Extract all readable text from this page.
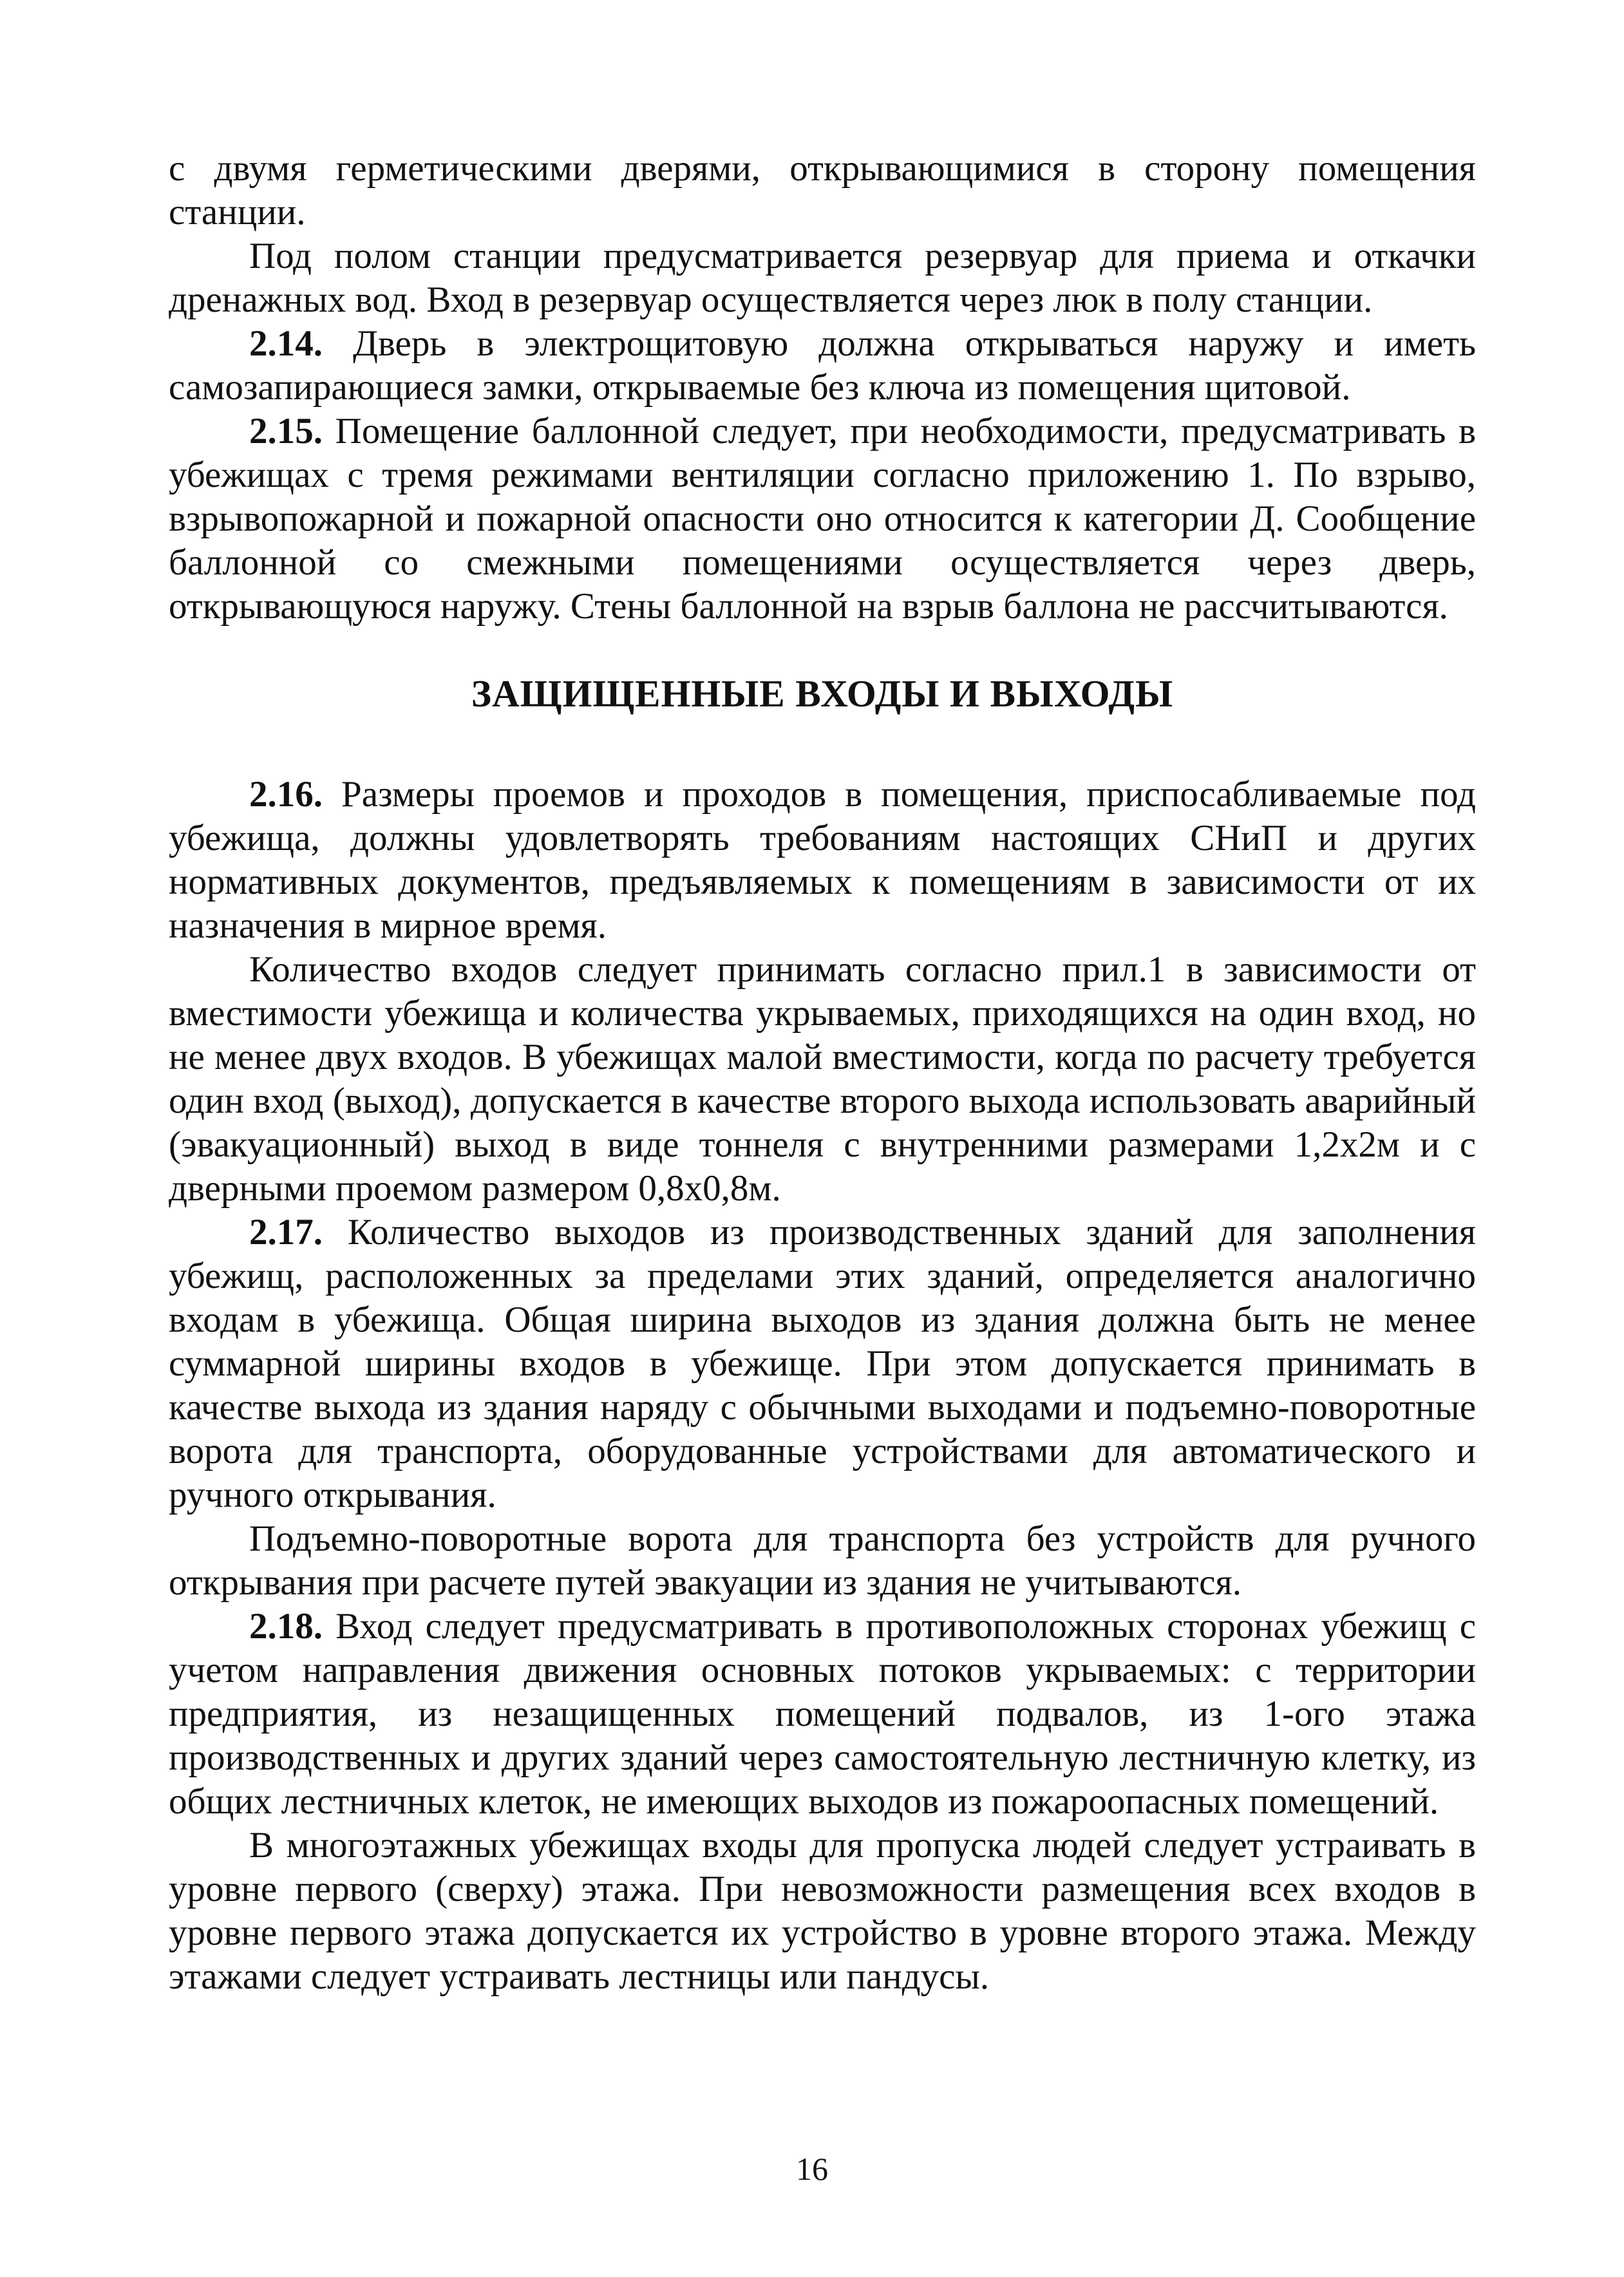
с двумя герметическими дверями, открывающимися в сторону помещения станции.

Под полом станции предусматривается резервуар для приема и откачки дренажных вод. Вход в резервуар осуществляется через люк в полу станции.

2.14. Дверь в электрощитовую должна открываться наружу и иметь самозапирающиеся замки, открываемые без ключа из помещения щитовой.

2.15. Помещение баллонной следует, при необходимости, предусматривать в убежищах с тремя режимами вентиляции согласно приложению 1. По взрыво, взрывопожарной и пожарной опасности оно относится к категории Д. Сообщение баллонной со смежными помещениями осуществляется через дверь, открывающуюся наружу. Стены баллонной на взрыв баллона не рассчитываются.

ЗАЩИЩЕННЫЕ ВХОДЫ И ВЫХОДЫ

2.16. Размеры проемов и проходов в помещения, приспосабливаемые под убежища, должны удовлетворять требованиям настоящих СНиП и других нормативных документов, предъявляемых к помещениям в зависимости от их назначения в мирное время.

Количество входов следует принимать согласно прил.1 в зависимости от вместимости убежища и количества укрываемых, приходящихся на один вход, но не менее двух входов. В убежищах малой вместимости, когда по расчету требуется один вход (выход), допускается в качестве второго выхода использовать аварийный (эвакуационный) выход в виде тоннеля с внутренними размерами 1,2х2м и с дверными проемом размером 0,8х0,8м.

2.17. Количество выходов из производственных зданий для заполнения убежищ, расположенных за пределами этих зданий, определяется аналогично входам в убежища. Общая ширина выходов из здания должна быть не менее суммарной ширины входов в убежище. При этом допускается принимать в качестве выхода из здания наряду с обычными выходами и подъемно-поворотные ворота для транспорта, оборудованные устройствами для автоматического и ручного открывания.

Подъемно-поворотные ворота для транспорта без устройств для ручного открывания при расчете путей эвакуации из здания не учитываются.

2.18. Вход следует предусматривать в противоположных сторонах убежищ с учетом направления движения основных потоков укрываемых: с территории предприятия, из незащищенных помещений подвалов, из 1-ого этажа производственных и других зданий через самостоятельную лестничную клетку, из общих лестничных клеток, не имеющих выходов из пожароопасных помещений.

В многоэтажных убежищах входы для пропуска людей следует устраивать в уровне первого (сверху) этажа. При невозможности размещения всех входов в уровне первого этажа допускается их устройство в уровне второго этажа. Между этажами следует устраивать лестницы или пандусы.

16
